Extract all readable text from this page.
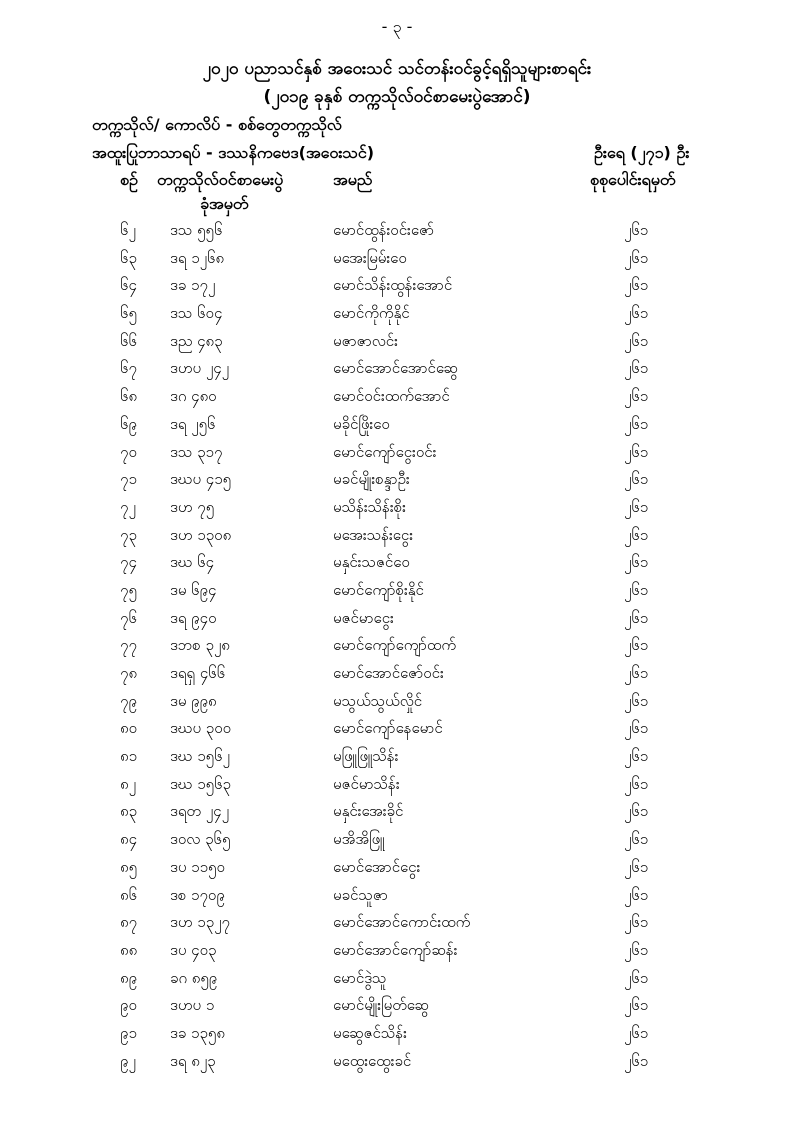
- ၃ -
၂၀၂၀ ပညာသင်နှစ် အဝေးသင် သင်တန်းဝင်ခွင့်ရရှိသူများစာရင်း
(၂၀၁၉ ခုနှစ် တက္ကသိုလ်ဝင်စာမေးပွဲအောင်)
တက္ကသိုလ်/ ကောလိပ် - စစ်တွေတက္ကသိုလ်
အထူးပြုဘာသာရပ် - ဒဿနိကဗေဒ(အဝေးသင်)	ဦးရေ (၂၇၁) ဦး
စဉ် တက္ကသိုလ်ဝင်စာမေးပွဲ
ခုံအမှတ်
အမည်	စုစုပေါင်းရမှတ်
၆၂ ဒသ ၅၅၆	မောင်ထွန်းဝင်းဇော်	၂၆၁
၆၃ ဒရ ၁၂၆၈	မအေးမြမ်းဝေ	၂၆၁
၆၄ ဒခ ၁၇၂	မောင်သိန်းထွန်းအောင်	၂၆၁
၆၅ ဒသ ၆၀၄	မောင်ကိုကိုနိုင်	၂၆၁
၆၆ ဒည ၄၈၃	မဇာဇာလင်း	၂၆၁
၆၇ ဒဟပ ၂၄၂	မောင်အောင်အောင်ဆွေ	၂၆၁
၆၈ ဒဂ ၄၈၀	မောင်ဝင်းထက်အောင်	၂၆၁
၆၉ ဒရ ၂၅၆	မခိုင်ဖြိုးဝေ	၂၆၁
၇၀ ဒသ ၃၁၇	မောင်ကျော်ငွေးဝင်း	၂၆၁
၇၁ ဒဃပ ၄၁၅	မခင်မျိုးစန္ဒာဦး	၂၆၁
၇၂ ဒဟ ၇၅	မသိန်းသိန်းစိုး	၂၆၁
၇၃ ဒဟ ၁၃၀၈	မအေးသန်းငွေး	၂၆၁
၇၄ ဒဃ ၆၄	မနှင်းသဇင်ဝေ	၂၆၁
၇၅ ဒမ ၆၉၄	မောင်ကျော်စိုးနိုင်	၂၆၁
၇၆ ဒရ ၉၄၀	မဇင်မာငွေး	၂၆၁
၇၇ ဒဘစ ၃၂၈	မောင်ကျော်ကျော်ထက်	၂၆၁
၇၈ ဒရရှ ၄၆၆	မောင်အောင်ဇော်ဝင်း	၂၆၁
၇၉ ဒမ ၉၉၈	မသွယ်သွယ်လှိုင်	၂၆၁
၈၀ ဒဃပ ၃၀၀	မောင်ကျော်နေမောင်	၂၆၁
၈၁ ဒဃ ၁၅၆၂	မဖြူဖြူသိန်း	၂၆၁
၈၂ ဒဃ ၁၅၆၃	မဇင်မာသိန်း	၂၆၁
၈၃ ဒရတ ၂၄၂	မနှင်းအေးခိုင်	၂၆၁
၈၄ ဒဝလ ၃၆၅	မအိအိဖြူ	၂၆၁
၈၅ ဒပ ၁၁၅၀	မောင်အောင်ငွေး	၂၆၁
၈၆ ဒစ ၁၇၀၉	မခင်သူဇာ	၂၆၁
၈၇ ဒဟ ၁၃၂၇	မောင်အောင်ကောင်းထက်	၂၆၁
၈၈ ဒပ ၄၀၃	မောင်အောင်ကျော်ဆန်း	၂၆၁
၈၉ ခဂ ၈၅၉	မောင်ဒွဲသူ	၂၆၁
၉၀ ဒဟပ ၁	မောင်မျိုးမြတ်ဆွေ	၂၆၁
၉၁ ဒခ ၁၃၅၈	မဆွေဇင်သိန်း	၂၆၁
၉၂ ဒရ ၈၂၃	မထွေးထွေးခင်	၂၆၁
